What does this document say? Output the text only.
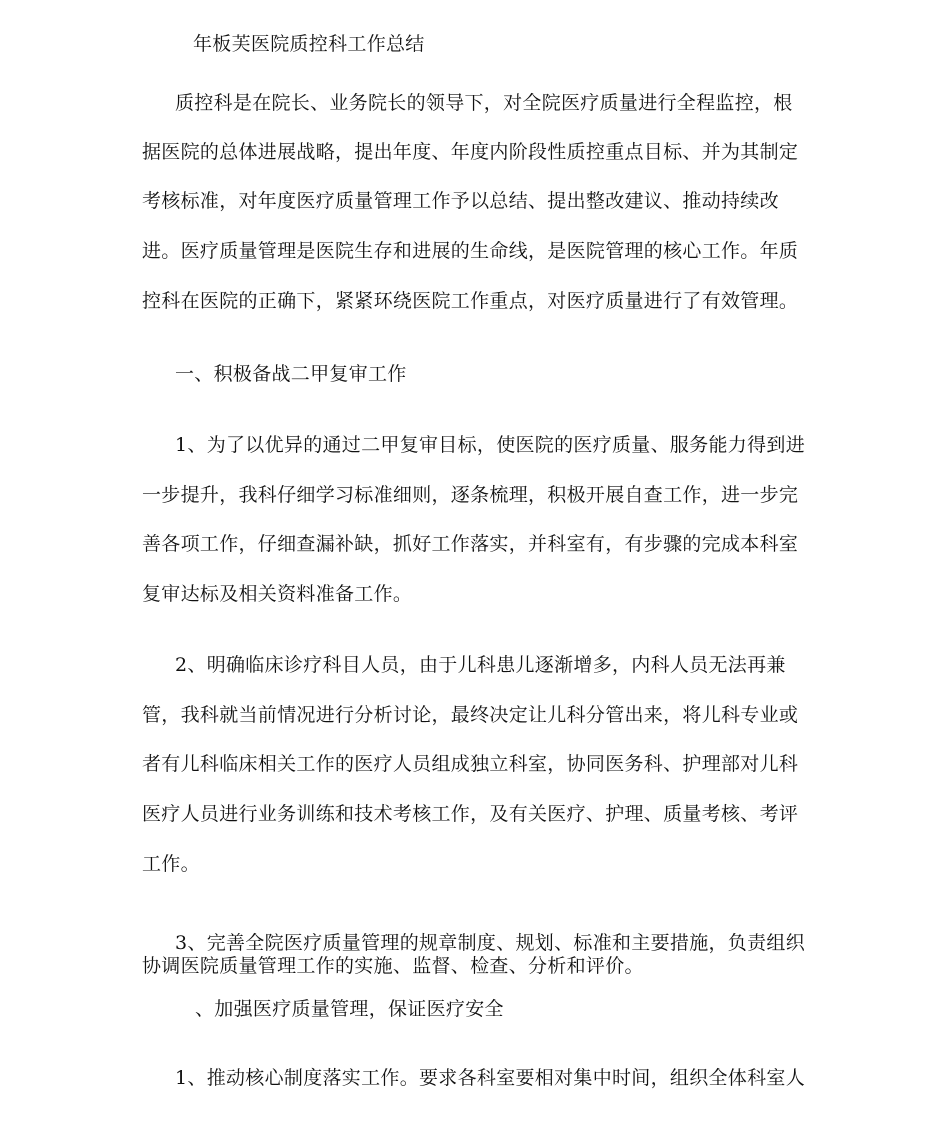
年板芙医院质控科工作总结
质控科是在院长、业务院长的领导下，对全院医疗质量进行全程监控，根
据医院的总体进展战略，提出年度、年度内阶段性质控重点目标、并为其制定
考核标准，对年度医疗质量管理工作予以总结、提出整改建议、推动持续改
进。医疗质量管理是医院生存和进展的生命线，是医院管理的核心工作。年质
控科在医院的正确下，紧紧环绕医院工作重点，对医疗质量进行了有效管理。
一、积极备战二甲复审工作
1、为了以优异的通过二甲复审目标，使医院的医疗质量、服务能力得到进
一步提升，我科仔细学习标准细则，逐条梳理，积极开展自查工作，进一步完
善各项工作，仔细查漏补缺，抓好工作落实，并科室有，有步骤的完成本科室
复审达标及相关资料准备工作。
2、明确临床诊疗科目人员，由于儿科患儿逐渐增多，内科人员无法再兼
管，我科就当前情况进行分析讨论，最终决定让儿科分管出来，将儿科专业或
者有儿科临床相关工作的医疗人员组成独立科室，协同医务科、护理部对儿科
医疗人员进行业务训练和技术考核工作，及有关医疗、护理、质量考核、考评
工作。
3、完善全院医疗质量管理的规章制度、规划、标准和主要措施，负责组织
协调医院质量管理工作的实施、监督、检查、分析和评价。
、加强医疗质量管理，保证医疗安全
1、推动核心制度落实工作。要求各科室要相对集中时间，组织全体科室人
